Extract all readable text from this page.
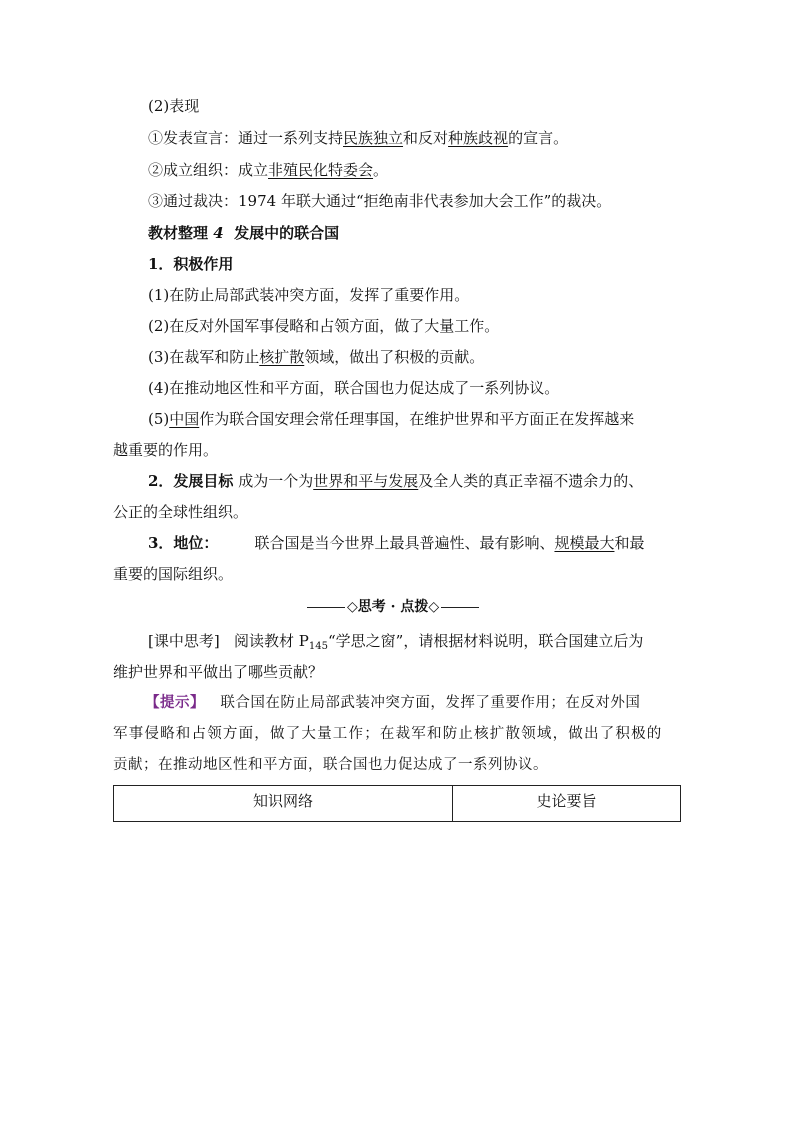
(2)表现
①发表宣言：通过一系列支持民族独立和反对种族歧视的宣言。
②成立组织：成立非殖民化特委会。
③通过裁决：1974 年联大通过“拒绝南非代表参加大会工作”的裁决。
教材整理 4 发展中的联合国
1．积极作用
(1)在防止局部武装冲突方面，发挥了重要作用。
(2)在反对外国军事侵略和占领方面，做了大量工作。
(3)在裁军和防止核扩散领域，做出了积极的贡献。
(4)在推动地区性和平方面，联合国也力促达成了一系列协议。
(5)中国作为联合国安理会常任理事国，在维护世界和平方面正在发挥越来
越重要的作用。
2．发展目标 成为一个为世界和平与发展及全人类的真正幸福不遗余力的、
公正的全球性组织。
3．地位： 联合国是当今世界上最具普遍性、最有影响、规模最大和最
重要的国际组织。
◇思考 · 点拨◇
[课中思考] 阅读教材 $P_{145}“$学思之窗”，请根据材料说明，联合国建立后为
维护世界和平做出了哪些贡献？
【提示】 联合国在防止局部武装冲突方面，发挥了重要作用；在反对外国
军事侵略和占领方面，做了大量工作；在裁军和防止核扩散领域，做出了积极的
贡献；在推动地区性和平方面，联合国也力促达成了一系列协议。
知识网络	史论要旨
